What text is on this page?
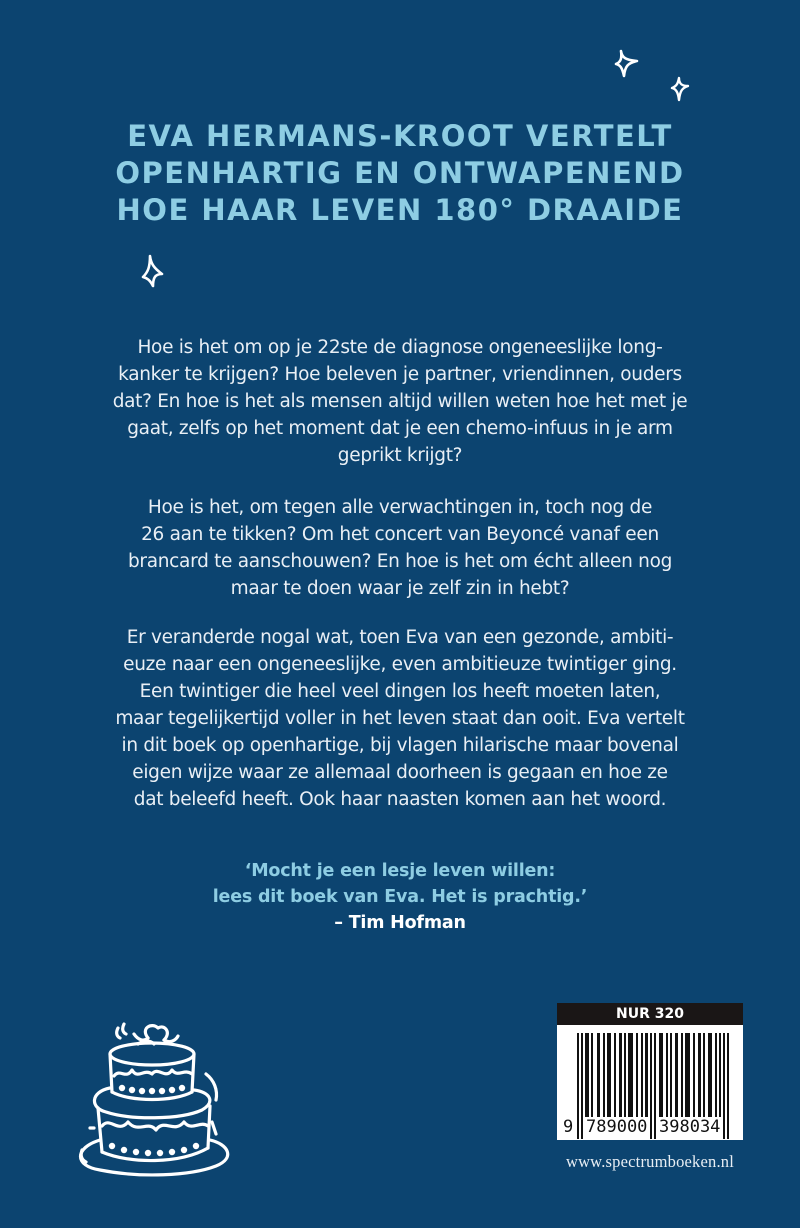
EVA HERMANS-KROOT VERTELT
OPENHARTIG EN ONTWAPENEND
HOE HAAR LEVEN 180° DRAAIDE
Hoe is het om op je 22ste de diagnose ongeneeslijke long-
kanker te krijgen? Hoe beleven je partner, vriendinnen, ouders
dat? En hoe is het als mensen altijd willen weten hoe het met je
gaat, zelfs op het moment dat je een chemo-infuus in je arm
geprikt krijgt?
Hoe is het, om tegen alle verwachtingen in, toch nog de
26 aan te tikken? Om het concert van Beyoncé vanaf een
brancard te aanschouwen? En hoe is het om écht alleen nog
maar te doen waar je zelf zin in hebt?
Er veranderde nogal wat, toen Eva van een gezonde, ambiti-
euze naar een ongeneeslijke, even ambitieuze twintiger ging.
Een twintiger die heel veel dingen los heeft moeten laten,
maar tegelijkertijd voller in het leven staat dan ooit. Eva vertelt
in dit boek op openhartige, bij vlagen hilarische maar bovenal
eigen wijze waar ze allemaal doorheen is gegaan en hoe ze
dat beleefd heeft. Ook haar naasten komen aan het woord.
‘Mocht je een lesje leven willen:
lees dit boek van Eva. Het is prachtig.’
– Tim Hofman
NUR 320
9 789000 398034
www.spectrumboeken.nl
